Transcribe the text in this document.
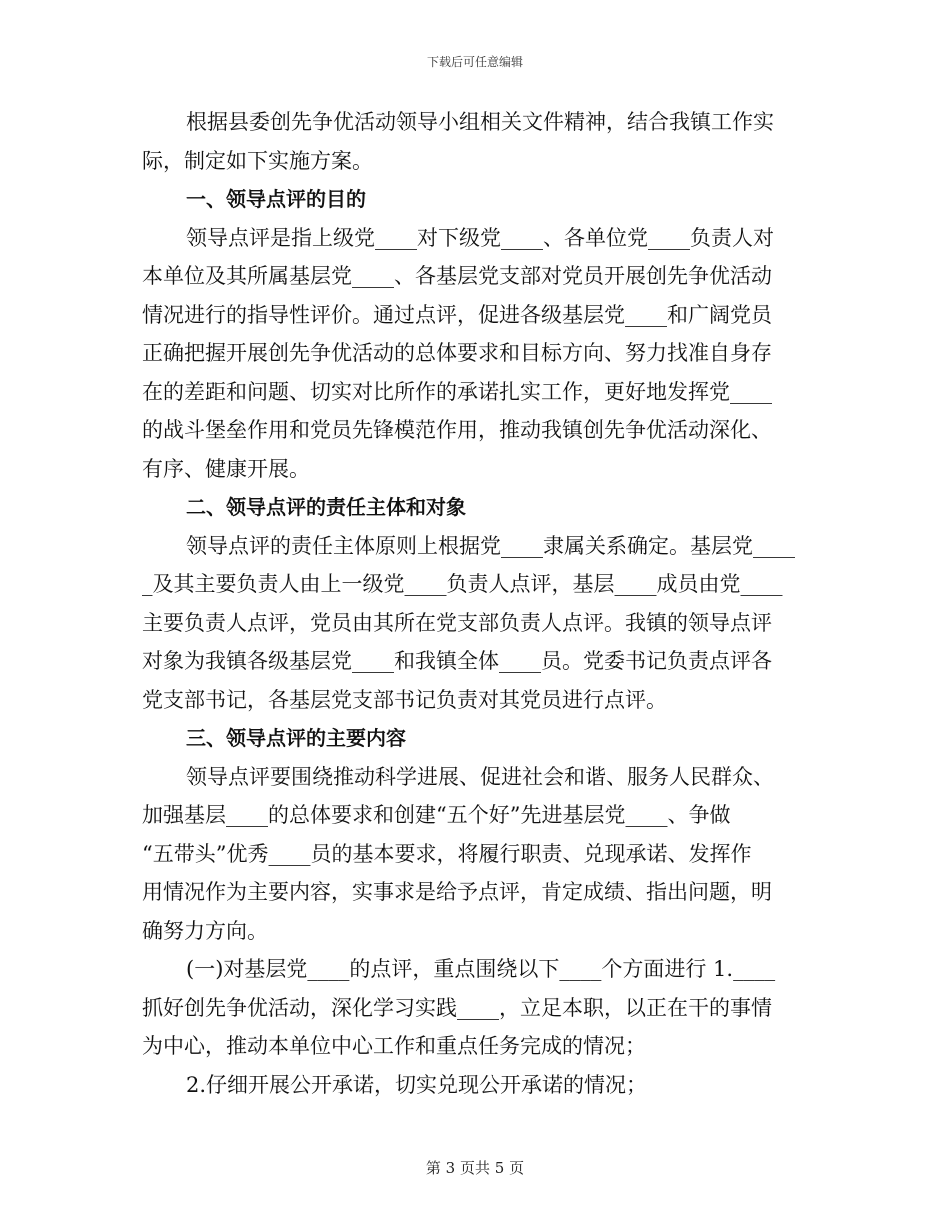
下载后可任意编辑
根据县委创先争优活动领导小组相关文件精神，结合我镇工作实
际，制定如下实施方案。
一、领导点评的目的
领导点评是指上级党____对下级党____、各单位党____负责人对
本单位及其所属基层党____、各基层党支部对党员开展创先争优活动
情况进行的指导性评价。通过点评，促进各级基层党____和广阔党员
正确把握开展创先争优活动的总体要求和目标方向、努力找准自身存
在的差距和问题、切实对比所作的承诺扎实工作，更好地发挥党____
的战斗堡垒作用和党员先锋模范作用，推动我镇创先争优活动深化、
有序、健康开展。
二、领导点评的责任主体和对象
领导点评的责任主体原则上根据党____隶属关系确定。基层党____
_及其主要负责人由上一级党____负责人点评，基层____成员由党____
主要负责人点评，党员由其所在党支部负责人点评。我镇的领导点评
对象为我镇各级基层党____和我镇全体____员。党委书记负责点评各
党支部书记，各基层党支部书记负责对其党员进行点评。
三、领导点评的主要内容
领导点评要围绕推动科学进展、促进社会和谐、服务人民群众、
加强基层____的总体要求和创建“五个好”先进基层党____、争做
“五带头”优秀____员的基本要求，将履行职责、兑现承诺、发挥作
用情况作为主要内容，实事求是给予点评，肯定成绩、指出问题，明
确努力方向。
(一)对基层党____的点评，重点围绕以下____个方面进行 1.____
抓好创先争优活动，深化学习实践____，立足本职，以正在干的事情
为中心，推动本单位中心工作和重点任务完成的情况；
2.仔细开展公开承诺，切实兑现公开承诺的情况；
第 3 页共 5 页
